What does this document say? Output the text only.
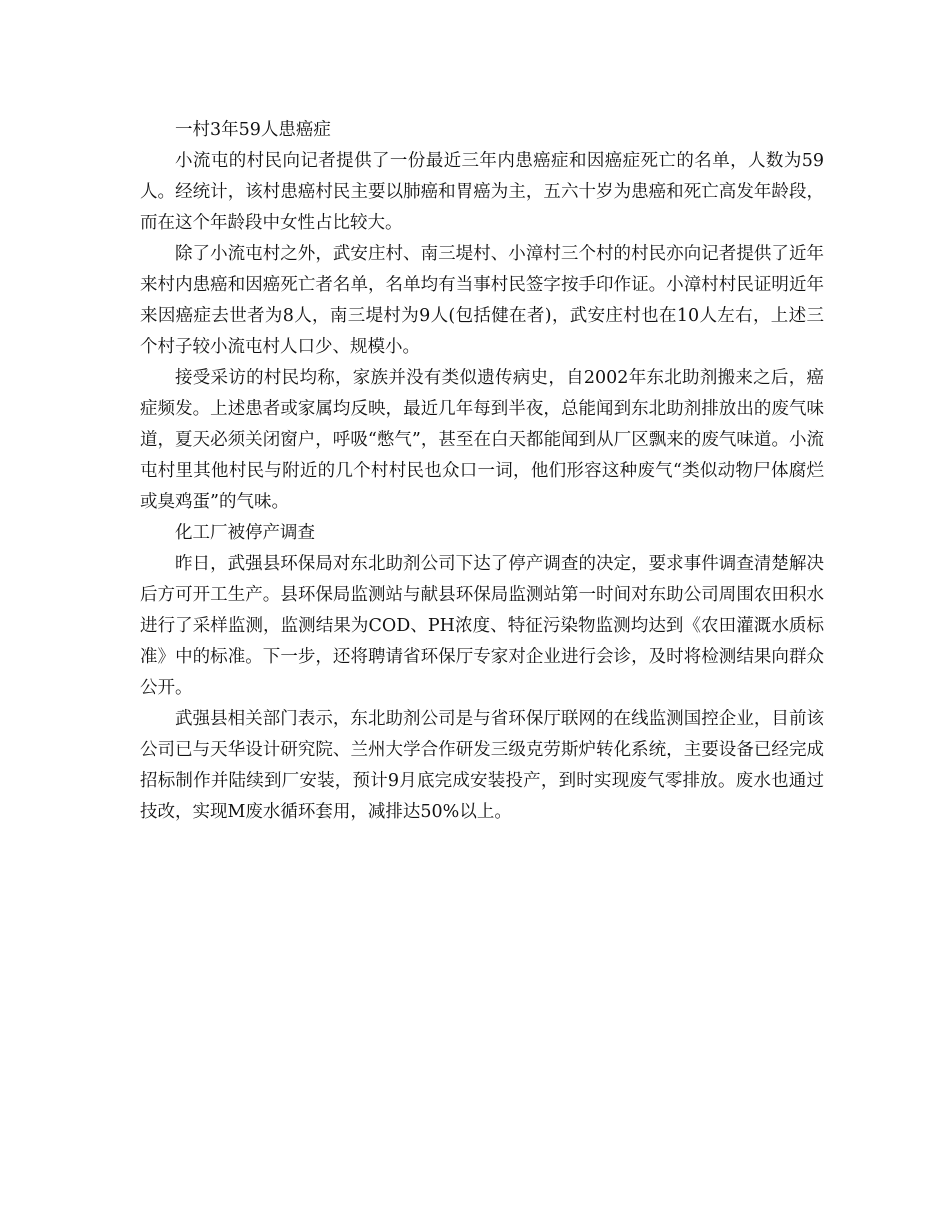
一村3年59人患癌症

小流屯的村民向记者提供了一份最近三年内患癌症和因癌症死亡的名单，人数为59人。经统计，该村患癌村民主要以肺癌和胃癌为主，五六十岁为患癌和死亡高发年龄段，而在这个年龄段中女性占比较大。

除了小流屯村之外，武安庄村、南三堤村、小漳村三个村的村民亦向记者提供了近年来村内患癌和因癌死亡者名单，名单均有当事村民签字按手印作证。小漳村村民证明近年来因癌症去世者为8人，南三堤村为9人(包括健在者)，武安庄村也在10人左右，上述三个村子较小流屯村人口少、规模小。

接受采访的村民均称，家族并没有类似遗传病史，自2002年东北助剂搬来之后，癌症频发。上述患者或家属均反映，最近几年每到半夜，总能闻到东北助剂排放出的废气味道，夏天必须关闭窗户，呼吸“憋气”，甚至在白天都能闻到从厂区飘来的废气味道。小流屯村里其他村民与附近的几个村村民也众口一词，他们形容这种废气“类似动物尸体腐烂或臭鸡蛋”的气味。

化工厂被停产调查

昨日，武强县环保局对东北助剂公司下达了停产调查的决定，要求事件调查清楚解决后方可开工生产。县环保局监测站与献县环保局监测站第一时间对东助公司周围农田积水进行了采样监测，监测结果为COD、PH浓度、特征污染物监测均达到《农田灌溉水质标准》中的标准。下一步，还将聘请省环保厅专家对企业进行会诊，及时将检测结果向群众公开。

武强县相关部门表示，东北助剂公司是与省环保厅联网的在线监测国控企业，目前该公司已与天华设计研究院、兰州大学合作研发三级克劳斯炉转化系统，主要设备已经完成招标制作并陆续到厂安装，预计9月底完成安装投产，到时实现废气零排放。废水也通过技改，实现M废水循环套用，减排达50%以上。
